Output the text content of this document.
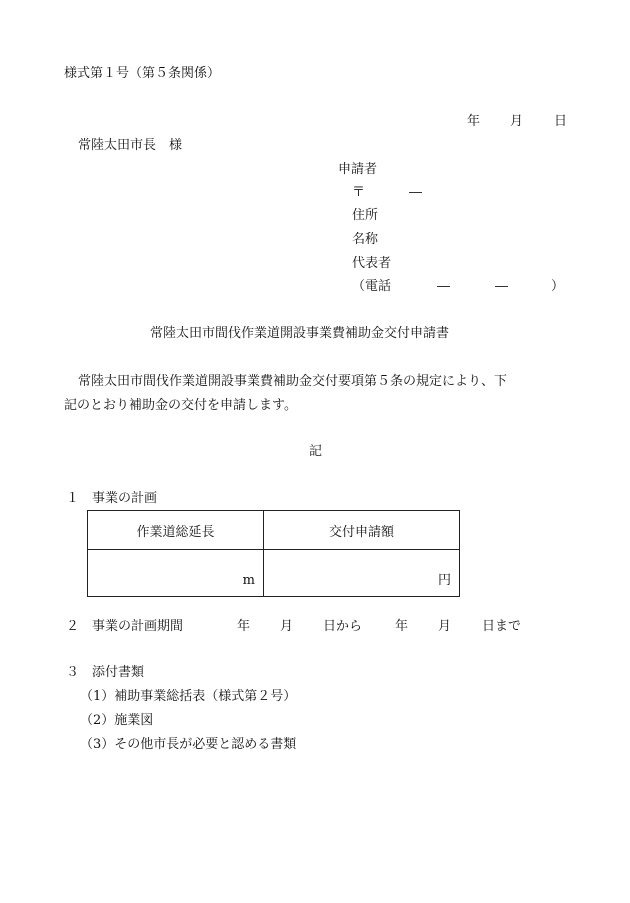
様式第１号（第５条関係）
年 月 日
常陸太田市長　様
申請者
〒	―
住所
名称
代表者
（電話	―	―	）
常陸太田市間伐作業道開設事業費補助金交付申請書
常陸太田市間伐作業道開設事業費補助金交付要項第５条の規定により、下
記のとおり補助金の交付を申請します。
記
１ 事業の計画
作業道総延長	交付申請額
m	円
２ 事業の計画期間	年 月 日から	年 月 日まで
３ 添付書類
（1）補助事業総括表（様式第２号）
（2）施業図
（3）その他市長が必要と認める書類
